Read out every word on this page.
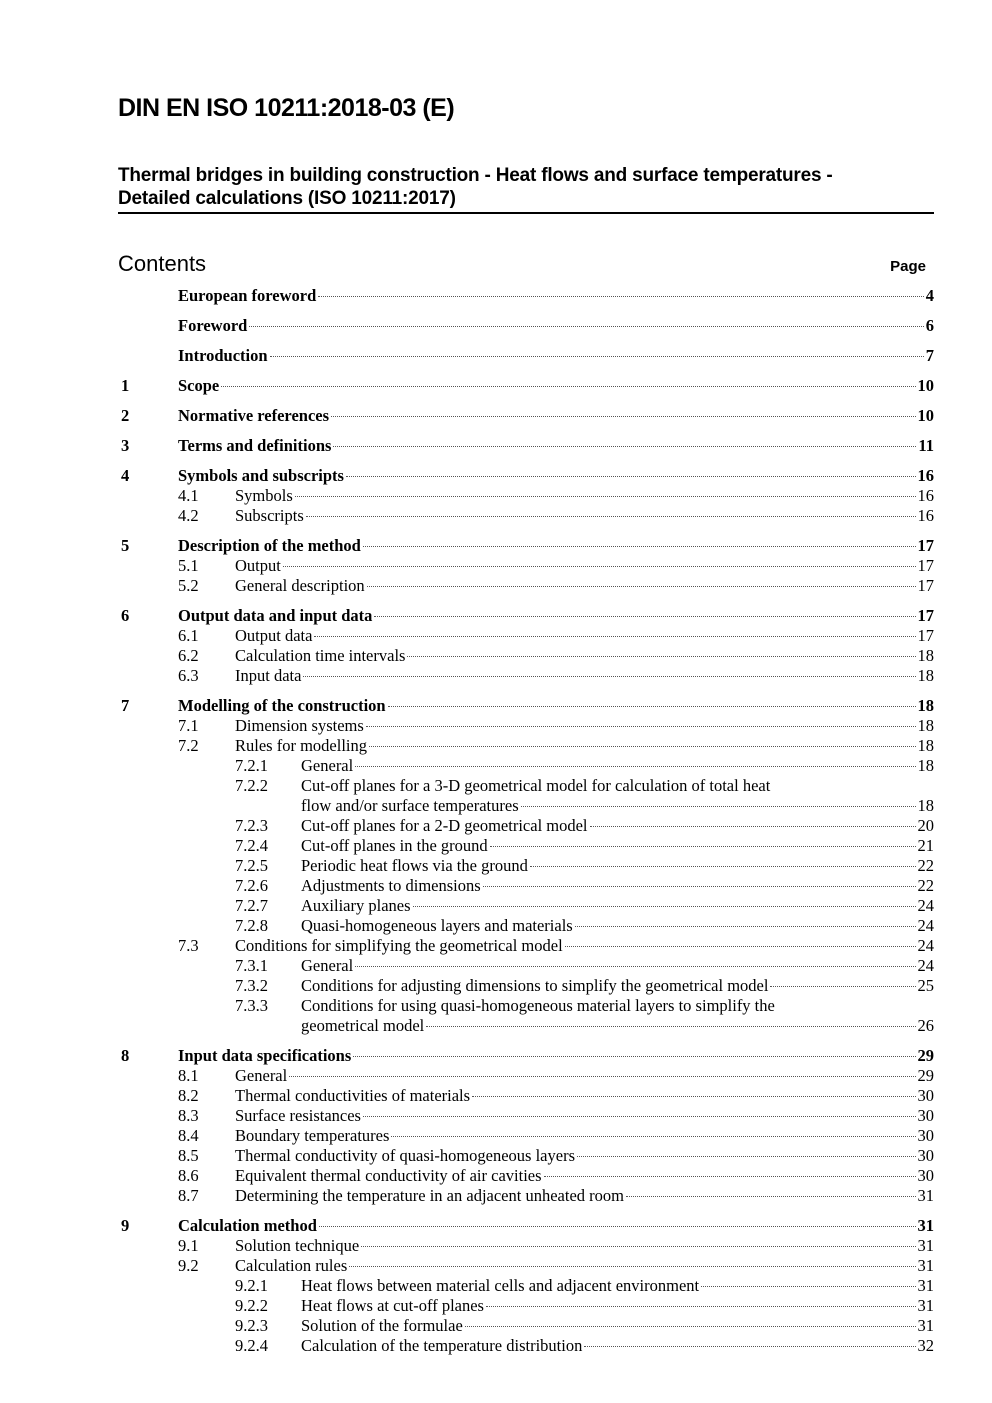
DIN EN ISO 10211:2018-03 (E)
Thermal bridges in building construction - Heat flows and surface temperatures -
Detailed calculations (ISO 10211:2017)
Contents	Page
European foreword	4
Foreword	6
Introduction	7
1	Scope	10
2	Normative references	10
3	Terms and definitions	11
4	Symbols and subscripts	16
4.1	Symbols	16
4.2	Subscripts	16
5	Description of the method	17
5.1	Output	17
5.2	General description	17
6	Output data and input data	17
6.1	Output data	17
6.2	Calculation time intervals	18
6.3	Input data	18
7	Modelling of the construction	18
7.1	Dimension systems	18
7.2	Rules for modelling	18
7.2.1	General	18
7.2.2	Cut-off planes for a 3-D geometrical model for calculation of total heat
flow and/or surface temperatures	18
7.2.3	Cut-off planes for a 2-D geometrical model	20
7.2.4	Cut-off planes in the ground	21
7.2.5	Periodic heat flows via the ground	22
7.2.6	Adjustments to dimensions	22
7.2.7	Auxiliary planes	24
7.2.8	Quasi-homogeneous layers and materials	24
7.3	Conditions for simplifying the geometrical model	24
7.3.1	General	24
7.3.2	Conditions for adjusting dimensions to simplify the geometrical model	25
7.3.3	Conditions for using quasi-homogeneous material layers to simplify the
geometrical model	26
8	Input data specifications	29
8.1	General	29
8.2	Thermal conductivities of materials	30
8.3	Surface resistances	30
8.4	Boundary temperatures	30
8.5	Thermal conductivity of quasi-homogeneous layers	30
8.6	Equivalent thermal conductivity of air cavities	30
8.7	Determining the temperature in an adjacent unheated room	31
9	Calculation method	31
9.1	Solution technique	31
9.2	Calculation rules	31
9.2.1	Heat flows between material cells and adjacent environment	31
9.2.2	Heat flows at cut-off planes	31
9.2.3	Solution of the formulae	31
9.2.4	Calculation of the temperature distribution	32
